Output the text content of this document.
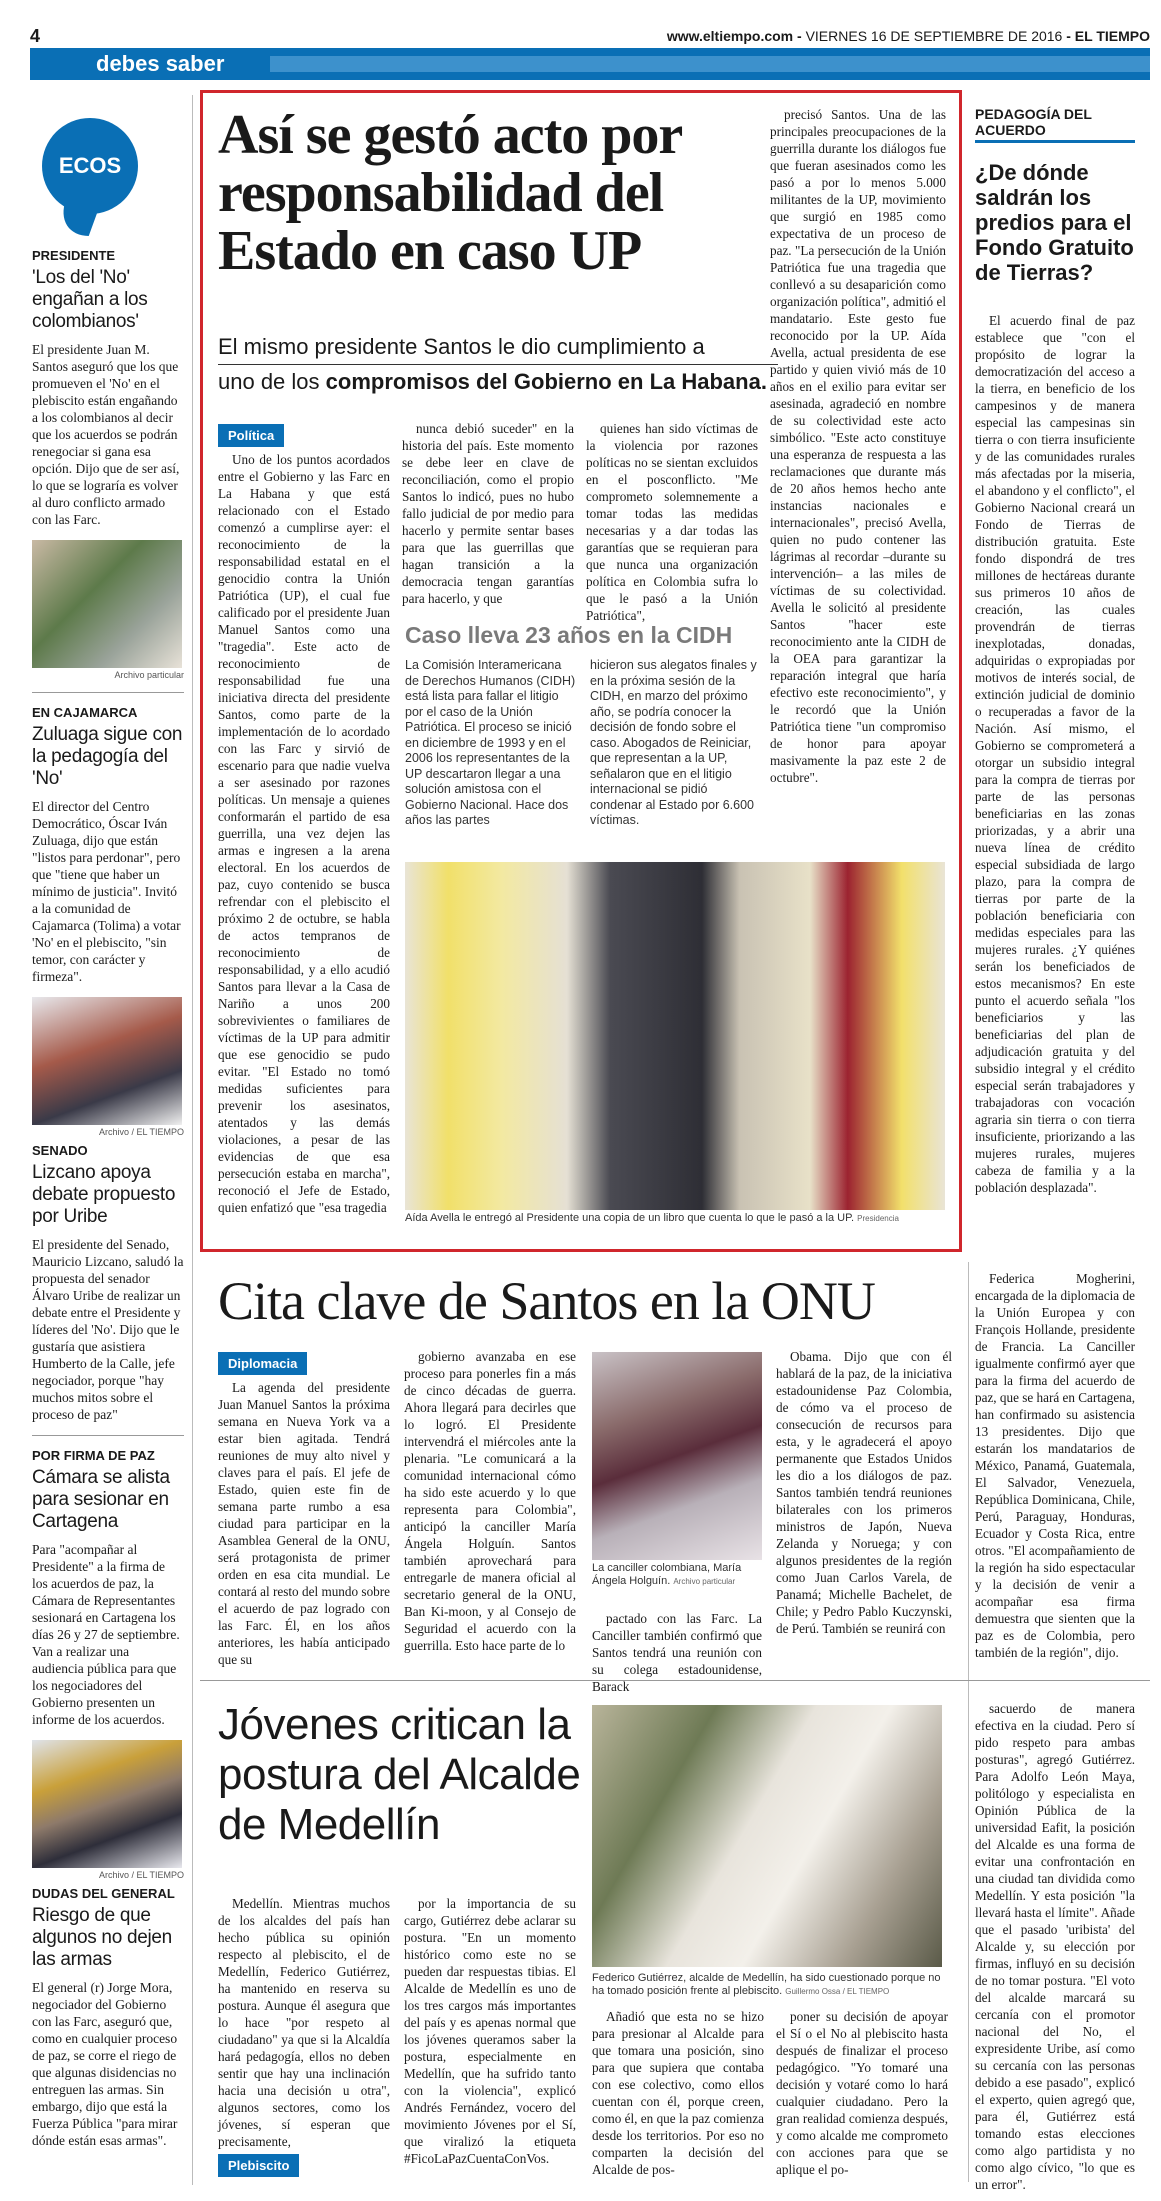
4	www.eltiempo.com - VIERNES 16 DE SEPTIEMBRE DE 2016 - EL TIEMPO
debes saber
ECOS
PRESIDENTE
'Los del 'No' engañan a los colombianos'
El presidente Juan M. Santos aseguró que los que promueven el 'No' en el plebiscito están engañando a los colombianos al decir que los acuerdos se podrán renegociar si gana esa opción. Dijo que de ser así, lo que se lograría es volver al duro conflicto armado con las Farc.
Archivo particular
EN CAJAMARCA
Zuluaga sigue con la pedagogía del 'No'
El director del Centro Democrático, Óscar Iván Zuluaga, dijo que están "listos para perdonar", pero que "tiene que haber un mínimo de justicia". Invitó a la comunidad de Cajamarca (Tolima) a votar 'No' en el plebiscito, "sin temor, con carácter y firmeza".
Archivo / EL TIEMPO
SENADO
Lizcano apoya debate propuesto por Uribe
El presidente del Senado, Mauricio Lizcano, saludó la propuesta del senador Álvaro Uribe de realizar un debate entre el Presidente y líderes del 'No'. Dijo que le gustaría que asistiera Humberto de la Calle, jefe negociador, porque "hay muchos mitos sobre el proceso de paz"
POR FIRMA DE PAZ
Cámara se alista para sesionar en Cartagena
Para "acompañar al Presidente" a la firma de los acuerdos de paz, la Cámara de Representantes sesionará en Cartagena los días 26 y 27 de septiembre. Van a realizar una audiencia pública para que los negociadores del Gobierno presenten un informe de los acuerdos.
Archivo / EL TIEMPO
DUDAS DEL GENERAL
Riesgo de que algunos no dejen las armas
El general (r) Jorge Mora, negociador del Gobierno con las Farc, aseguró que, como en cualquier proceso de paz, se corre el riego de que algunas disidencias no entreguen las armas. Sin embargo, dijo que está la Fuerza Pública "para mirar dónde están esas armas".
Así se gestó acto por responsabilidad del Estado en caso UP
El mismo presidente Santos le dio cumplimiento a
uno de los compromisos del Gobierno en La Habana.
Política

Uno de los puntos acordados entre el Gobierno y las Farc en La Habana y que está relacionado con el Estado comenzó a cumplirse ayer: el reconocimiento de la responsabilidad estatal en el genocidio contra la Unión Patriótica (UP), el cual fue calificado por el presidente Juan Manuel Santos como una "tragedia". Este acto de reconocimiento de responsabilidad fue una iniciativa directa del presidente Santos, como parte de la implementación de lo acordado con las Farc y sirvió de escenario para que nadie vuelva a ser asesinado por razones políticas. Un mensaje a quienes conformarán el partido de esa guerrilla, una vez dejen las armas e ingresen a la arena electoral. En los acuerdos de paz, cuyo contenido se busca refrendar con el plebiscito el próximo 2 de octubre, se habla de actos tempranos de reconocimiento de responsabilidad, y a ello acudió Santos para llevar a la Casa de Nariño a unos 200 sobrevivientes o familiares de víctimas de la UP para admitir que ese genocidio se pudo evitar. "El Estado no tomó medidas suficientes para prevenir los asesinatos, atentados y las demás violaciones, a pesar de las evidencias de que esa persecución estaba en marcha", reconoció el Jefe de Estado, quien enfatizó que "esa tragedia

nunca debió suceder" en la historia del país. Este momento se debe leer en clave de reconciliación, como el propio Santos lo indicó, pues no hubo fallo judicial de por medio para hacerlo y permite sentar bases para que las guerrillas que hagan transición a la democracia tengan garantías para hacerlo, y que

quienes han sido víctimas de la violencia por razones políticas no se sientan excluidos en el posconflicto. "Me comprometo solemnemente a tomar todas las medidas necesarias y a dar todas las garantías que se requieran para que nunca una organización política en Colombia sufra lo que le pasó a la Unión Patriótica",

precisó Santos. Una de las principales preocupaciones de la guerrilla durante los diálogos fue que fueran asesinados como les pasó a por lo menos 5.000 militantes de la UP, movimiento que surgió en 1985 como expectativa de un proceso de paz. "La persecución de la Unión Patriótica fue una tragedia que conllevó a su desaparición como organización política", admitió el mandatario. Este gesto fue reconocido por la UP. Aída Avella, actual presidenta de ese partido y quien vivió más de 10 años en el exilio para evitar ser asesinada, agradeció en nombre de su colectividad este acto simbólico. "Este acto constituye una esperanza de respuesta a las reclamaciones que durante más de 20 años hemos hecho ante instancias nacionales e internacionales", precisó Avella, quien no pudo contener las lágrimas al recordar –durante su intervención– a las miles de víctimas de su colectividad. Avella le solicitó al presidente Santos "hacer este reconocimiento ante la CIDH de la OEA para garantizar la reparación integral que haría efectivo este reconocimiento", y le recordó que la Unión Patriótica tiene "un compromiso de honor para apoyar masivamente la paz este 2 de octubre".

Caso lleva 23 años en la CIDH
La Comisión Interamericana de Derechos Humanos (CIDH) está lista para fallar el litigio por el caso de la Unión Patriótica. El proceso se inició en diciembre de 1993 y en el 2006 los representantes de la UP descartaron llegar a una solución amistosa con el Gobierno Nacional. Hace dos años las partes
hicieron sus alegatos finales y en la próxima sesión de la CIDH, en marzo del próximo año, se podría conocer la decisión de fondo sobre el caso. Abogados de Reiniciar, que representan a la UP, señalaron que en el litigio internacional se pidió condenar al Estado por 6.600 víctimas.
Aída Avella le entregó al Presidente una copia de un libro que cuenta lo que le pasó a la UP. Presidencia
PEDAGOGÍA DEL ACUERDO
¿De dónde saldrán los predios para el Fondo Gratuito de Tierras?

El acuerdo final de paz establece que "con el propósito de lograr la democratización del acceso a la tierra, en beneficio de los campesinos y de manera especial las campesinas sin tierra o con tierra insuficiente y de las comunidades rurales más afectadas por la miseria, el abandono y el conflicto", el Gobierno Nacional creará un Fondo de Tierras de distribución gratuita. Este fondo dispondrá de tres millones de hectáreas durante sus primeros 10 años de creación, las cuales provendrán de tierras inexplotadas, donadas, adquiridas o expropiadas por motivos de interés social, de extinción judicial de dominio o recuperadas a favor de la Nación. Así mismo, el Gobierno se comprometerá a otorgar un subsidio integral para la compra de tierras por parte de las personas beneficiarias en las zonas priorizadas, y a abrir una nueva línea de crédito especial subsidiada de largo plazo, para la compra de tierras por parte de la población beneficiaria con medidas especiales para las mujeres rurales. ¿Y quiénes serán los beneficiados de estos mecanismos? En este punto el acuerdo señala "los beneficiarios y las beneficiarias del plan de adjudicación gratuita y del subsidio integral y el crédito especial serán trabajadores y trabajadoras con vocación agraria sin tierra o con tierra insuficiente, priorizando a las mujeres rurales, mujeres cabeza de familia y a la población desplazada".

Cita clave de Santos en la ONU
Diplomacia

La agenda del presidente Juan Manuel Santos la próxima semana en Nueva York va a estar bien agitada. Tendrá reuniones de muy alto nivel y claves para el país. El jefe de Estado, quien este fin de semana parte rumbo a esa ciudad para participar en la Asamblea General de la ONU, será protagonista de primer orden en esa cita mundial. Le contará al resto del mundo sobre el acuerdo de paz logrado con las Farc. Él, en los años anteriores, les había anticipado que su

gobierno avanzaba en ese proceso para ponerles fin a más de cinco décadas de guerra. Ahora llegará para decirles que lo logró. El Presidente intervendrá el miércoles ante la plenaria. "Le comunicará a la comunidad internacional cómo ha sido este acuerdo y lo que representa para Colombia", anticipó la canciller María Ángela Holguín. Santos también aprovechará para entregarle de manera oficial al secretario general de la ONU, Ban Ki-moon, y al Consejo de Seguridad el acuerdo con la guerrilla. Esto hace parte de lo

La canciller colombiana, María Ángela Holguín. Archivo particular

pactado con las Farc. La Canciller también confirmó que Santos tendrá una reunión con su colega estadounidense, Barack

Obama. Dijo que con él hablará de la paz, de la iniciativa estadounidense Paz Colombia, de cómo va el proceso de consecución de recursos para esta, y le agradecerá el apoyo permanente que Estados Unidos les dio a los diálogos de paz. Santos también tendrá reuniones bilaterales con los primeros ministros de Japón, Nueva Zelanda y Noruega; y con algunos presidentes de la región como Juan Carlos Varela, de Panamá; Michelle Bachelet, de Chile; y Pedro Pablo Kuczynski, de Perú. También se reunirá con

Federica Mogherini, encargada de la diplomacia de la Unión Europea y con François Hollande, presidente de Francia. La Canciller igualmente confirmó ayer que para la firma del acuerdo de paz, que se hará en Cartagena, han confirmado su asistencia 13 presidentes. Dijo que estarán los mandatarios de México, Panamá, Guatemala, El Salvador, Venezuela, República Dominicana, Chile, Perú, Paraguay, Honduras, Ecuador y Costa Rica, entre otros. "El acompañamiento de la región ha sido espectacular y la decisión de venir a acompañar esa firma demuestra que sienten que la paz es de Colombia, pero también de la región", dijo.

Jóvenes critican la postura del Alcalde de Medellín
Federico Gutiérrez, alcalde de Medellín, ha sido cuestionado porque no ha tomado posición frente al plebiscito. Guillermo Ossa / EL TIEMPO

Medellín. Mientras muchos de los alcaldes del país han hecho pública su opinión respecto al plebiscito, el de Medellín, Federico Gutiérrez, ha mantenido en reserva su postura. Aunque él asegura que lo hace "por respeto al ciudadano" ya que si la Alcaldía hará pedagogía, ellos no deben sentir que hay una inclinación hacia una decisión u otra", algunos sectores, como los jóvenes, sí esperan que precisamente,

Plebiscito

por la importancia de su cargo, Gutiérrez debe aclarar su postura. "En un momento histórico como este no se pueden dar respuestas tibias. El Alcalde de Medellín es uno de los tres cargos más importantes del país y es apenas normal que los jóvenes queramos saber la postura, especialmente en Medellín, que ha sufrido tanto con la violencia", explicó Andrés Fernández, vocero del movimiento Jóvenes por el Sí, que viralizó la etiqueta #FicoLaPazCuentaConVos.

Añadió que esta no se hizo para presionar al Alcalde para que tomara una posición, sino para que supiera que contaba con ese colectivo, como ellos cuentan con él, porque creen, como él, en que la paz comienza desde los territorios. Por eso no comparten la decisión del Alcalde de pos-

poner su decisión de apoyar el Sí o el No al plebiscito hasta después de finalizar el proceso pedagógico. "Yo tomaré una decisión y votaré como lo hará cualquier ciudadano. Pero la gran realidad comienza después, y como alcalde me comprometo con acciones para que se aplique el po-

sacuerdo de manera efectiva en la ciudad. Pero sí pido respeto para ambas posturas", agregó Gutiérrez. Para Adolfo León Maya, politólogo y especialista en Opinión Pública de la universidad Eafit, la posición del Alcalde es una forma de evitar una confrontación en una ciudad tan dividida como Medellín. Y esta posición "la llevará hasta el límite". Añade que el pasado 'uribista' del Alcalde y, su elección por firmas, influyó en su decisión de no tomar postura. "El voto del alcalde marcará su cercanía con el promotor nacional del No, el expresidente Uribe, así como su cercanía con las personas debido a ese pasado", explicó el experto, quien agregó que, para él, Gutiérrez está tomando estas elecciones como algo partidista y no como algo cívico, "lo que es un error".
